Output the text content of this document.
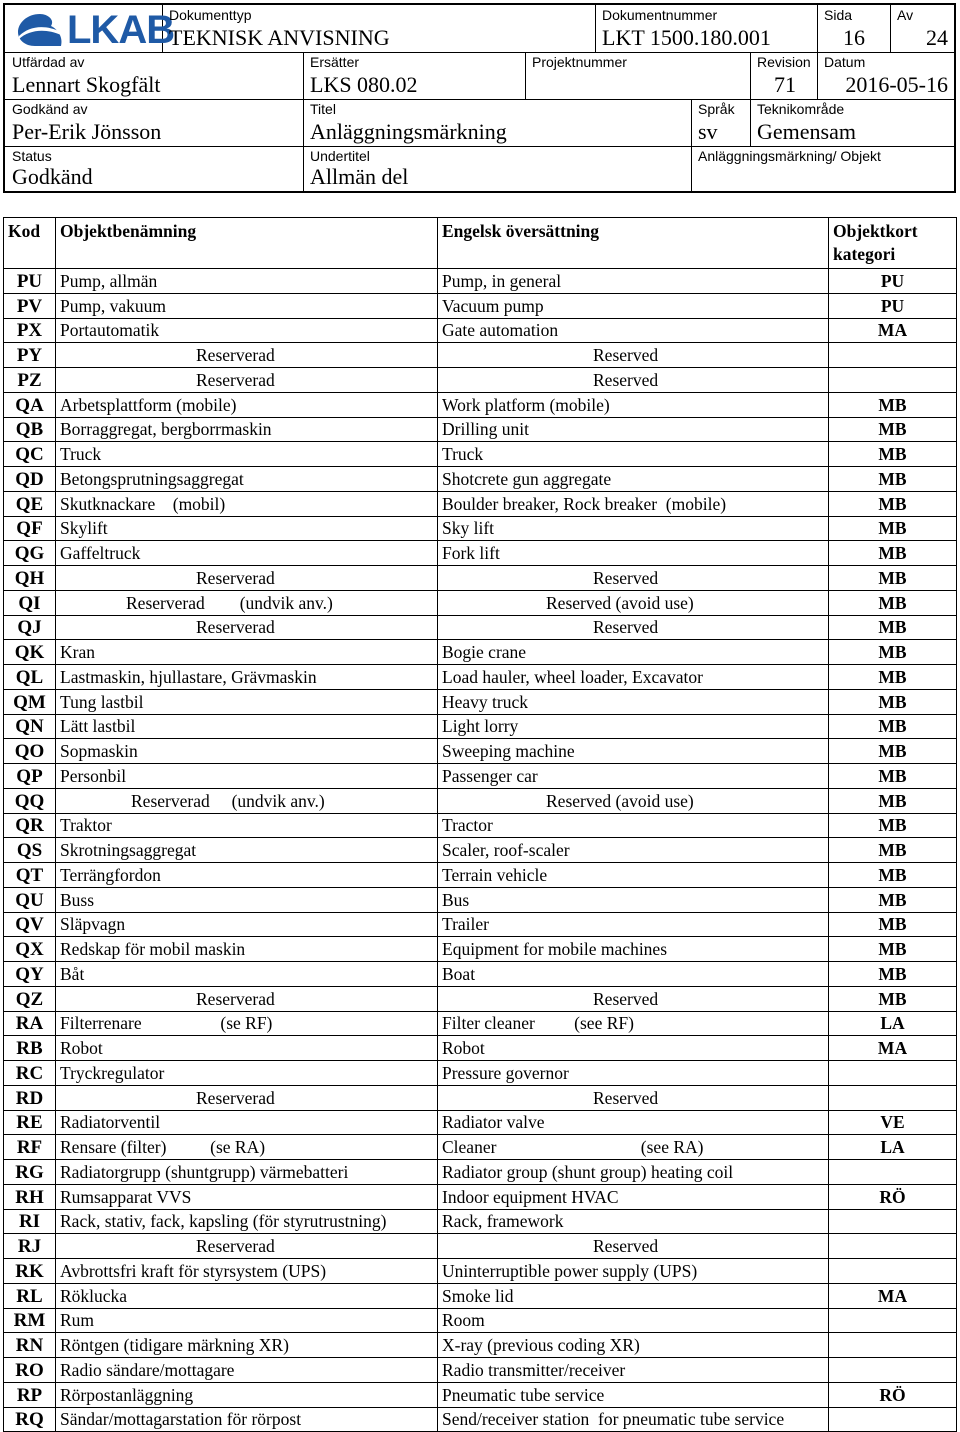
LKAB
Dokumenttyp
TEKNISK ANVISNING
Dokumentnummer
LKT 1500.180.001
Sida
16
Av
24
Utfärdad av
Lennart Skogfält
Ersätter
LKS 080.02
Projektnummer	Revision
71
Datum
2016-05-16
Godkänd av
Per-Erik Jönsson
Titel
Anläggningsmärkning
Språk
sv
Teknikområde
Gemensam
Status
Godkänd
Undertitel
Allmän del
Anläggningsmärkning/ Objekt
Kod	Objektbenämning	Engelsk översättning	Objektkort kategori
PU	Pump, allmän	Pump, in general	PU
PV	Pump, vakuum	Vacuum pump	PU
PX	Portautomatik	Gate automation	MA
PY	Reserverad	Reserved	
PZ	Reserverad	Reserved	
QA	Arbetsplattform (mobile)	Work platform (mobile)	MB
QB	Borraggregat, bergborrmaskin	Drilling unit	MB
QC	Truck	Truck	MB
QD	Betongsprutningsaggregat	Shotcrete gun aggregate	MB
QE	Skutknackare    (mobil)	Boulder breaker, Rock breaker  (mobile)	MB
QF	Skylift	Sky lift	MB
QG	Gaffeltruck	Fork lift	MB
QH	Reserverad	Reserved	MB
QI	Reserverad        (undvik anv.)	Reserved (avoid use)	MB
QJ	Reserverad	Reserved	MB
QK	Kran	Bogie crane	MB
QL	Lastmaskin, hjullastare, Grävmaskin	Load hauler, wheel loader, Excavator	MB
QM	Tung lastbil	Heavy truck	MB
QN	Lätt lastbil	Light lorry	MB
QO	Sopmaskin	Sweeping machine	MB
QP	Personbil	Passenger car	MB
QQ	Reserverad     (undvik anv.)	Reserved (avoid use)	MB
QR	Traktor	Tractor	MB
QS	Skrotningsaggregat	Scaler, roof-scaler	MB
QT	Terrängfordon	Terrain vehicle	MB
QU	Buss	Bus	MB
QV	Släpvagn	Trailer	MB
QX	Redskap för mobil maskin	Equipment for mobile machines	MB
QY	Båt	Boat	MB
QZ	Reserverad	Reserved	MB
RA	Filterrenare                  (se RF)	Filter cleaner         (see RF)	LA
RB	Robot	Robot	MA
RC	Tryckregulator	Pressure governor	
RD	Reserverad	Reserved	
RE	Radiatorventil	Radiator valve	VE
RF	Rensare (filter)          (se RA)	Cleaner                                 (see RA)	LA
RG	Radiatorgrupp (shuntgrupp) värmebatteri	Radiator group (shunt group) heating coil	
RH	Rumsapparat VVS	Indoor equipment HVAC	RÖ
RI	Rack, stativ, fack, kapsling (för styrutrustning)	Rack, framework	
RJ	Reserverad	Reserved	
RK	Avbrottsfri kraft för styrsystem (UPS)	Uninterruptible power supply (UPS)	
RL	Röklucka	Smoke lid	MA
RM	Rum	Room	
RN	Röntgen (tidigare märkning XR)	X-ray (previous coding XR)	
RO	Radio sändare/mottagare	Radio transmitter/receiver	
RP	Rörpostanläggning	Pneumatic tube service	RÖ
RQ	Sändar/mottagarstation för rörpost	Send/receiver station  for pneumatic tube service	
